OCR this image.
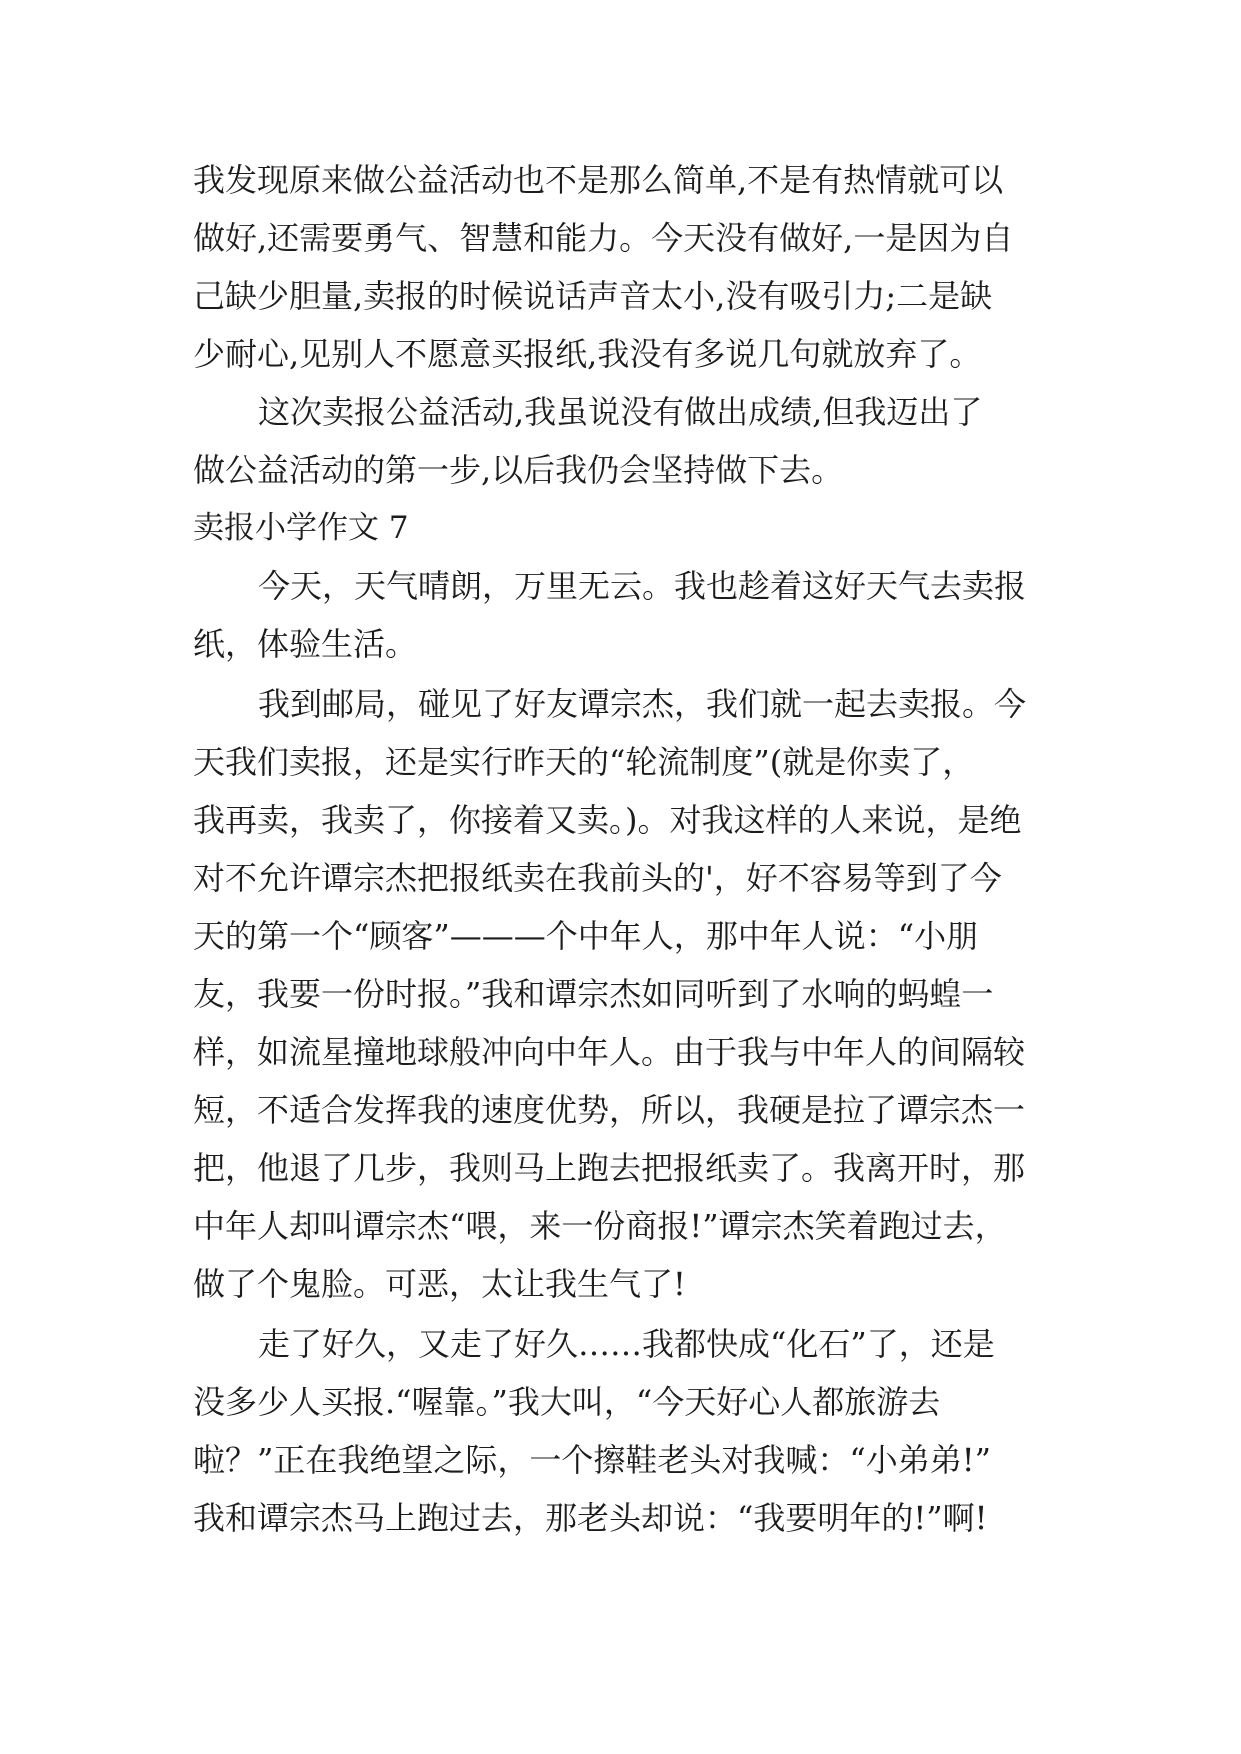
我发现原来做公益活动也不是那么简单,不是有热情就可以
做好,还需要勇气、智慧和能力。今天没有做好,一是因为自
己缺少胆量,卖报的时候说话声音太小,没有吸引力;二是缺
少耐心,见别人不愿意买报纸,我没有多说几句就放弃了。
这次卖报公益活动,我虽说没有做出成绩,但我迈出了
做公益活动的第一步,以后我仍会坚持做下去。
卖报小学作文 7
今天，天气晴朗，万里无云。我也趁着这好天气去卖报
纸，体验生活。
我到邮局，碰见了好友谭宗杰，我们就一起去卖报。今
天我们卖报，还是实行昨天的“轮流制度”(就是你卖了，
我再卖，我卖了，你接着又卖。)。对我这样的人来说，是绝
对不允许谭宗杰把报纸卖在我前头的'，好不容易等到了今
天的第一个“顾客”———个中年人，那中年人说：“小朋
友，我要一份时报。”我和谭宗杰如同听到了水响的蚂蝗一
样，如流星撞地球般冲向中年人。由于我与中年人的间隔较
短，不适合发挥我的速度优势，所以，我硬是拉了谭宗杰一
把，他退了几步，我则马上跑去把报纸卖了。我离开时，那
中年人却叫谭宗杰“喂，来一份商报!”谭宗杰笑着跑过去，
做了个鬼脸。可恶，太让我生气了!
走了好久，又走了好久……我都快成“化石”了，还是
没多少人买报.“喔靠。”我大叫，“今天好心人都旅游去
啦？”正在我绝望之际，一个擦鞋老头对我喊：“小弟弟!”
我和谭宗杰马上跑过去，那老头却说：“我要明年的!”啊!
